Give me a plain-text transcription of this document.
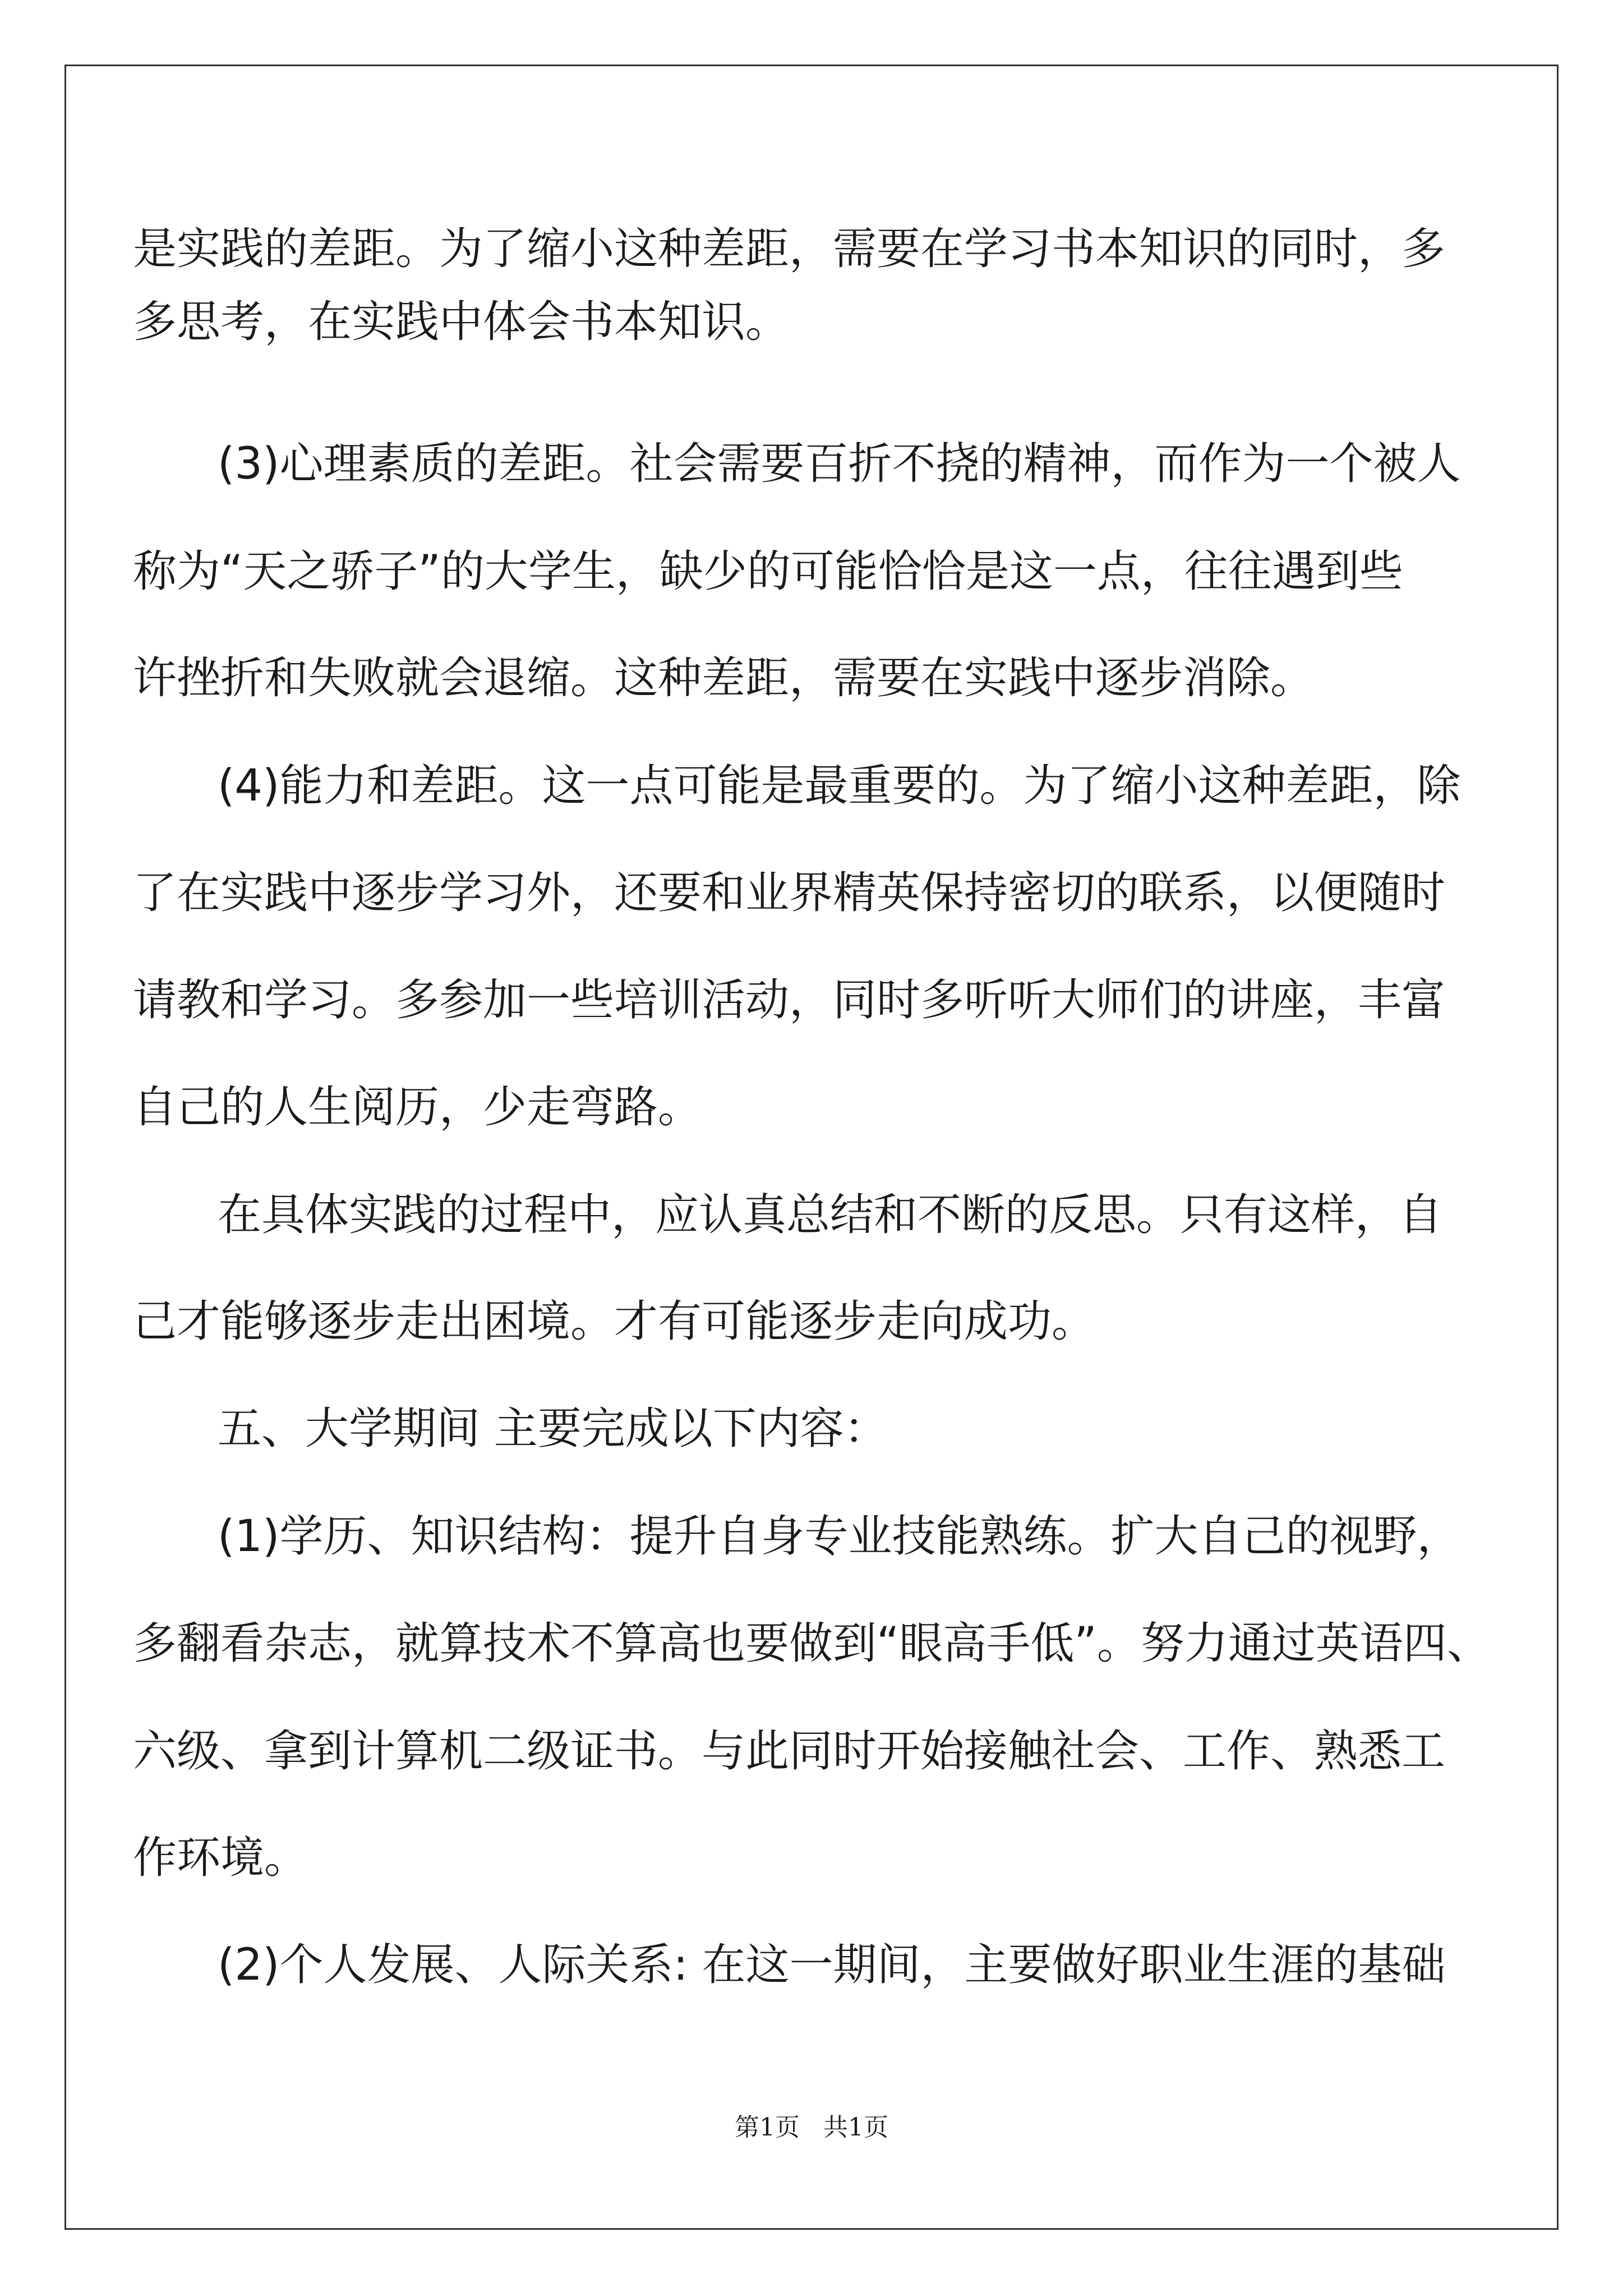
是实践的差距。为了缩小这种差距，需要在学习书本知识的同时，多

多思考，在实践中体会书本知识。

(3)心理素质的差距。社会需要百折不挠的精神，而作为一个被人

称为“天之骄子”的大学生，缺少的可能恰恰是这一点，往往遇到些

许挫折和失败就会退缩。这种差距，需要在实践中逐步消除。

(4)能力和差距。这一点可能是最重要的。为了缩小这种差距，除

了在实践中逐步学习外，还要和业界精英保持密切的联系，以便随时

请教和学习。多参加一些培训活动，同时多听听大师们的讲座，丰富

自己的人生阅历，少走弯路。

在具体实践的过程中，应认真总结和不断的反思。只有这样，自

己才能够逐步走出困境。才有可能逐步走向成功。

五、大学期间 主要完成以下内容：

(1)学历、知识结构：提升自身专业技能熟练。扩大自己的视野，

多翻看杂志，就算技术不算高也要做到“眼高手低”。努力通过英语四、

六级、拿到计算机二级证书。与此同时开始接触社会、工作、熟悉工

作环境。

(2)个人发展、人际关系: 在这一期间，主要做好职业生涯的基础

第1页 共1页
